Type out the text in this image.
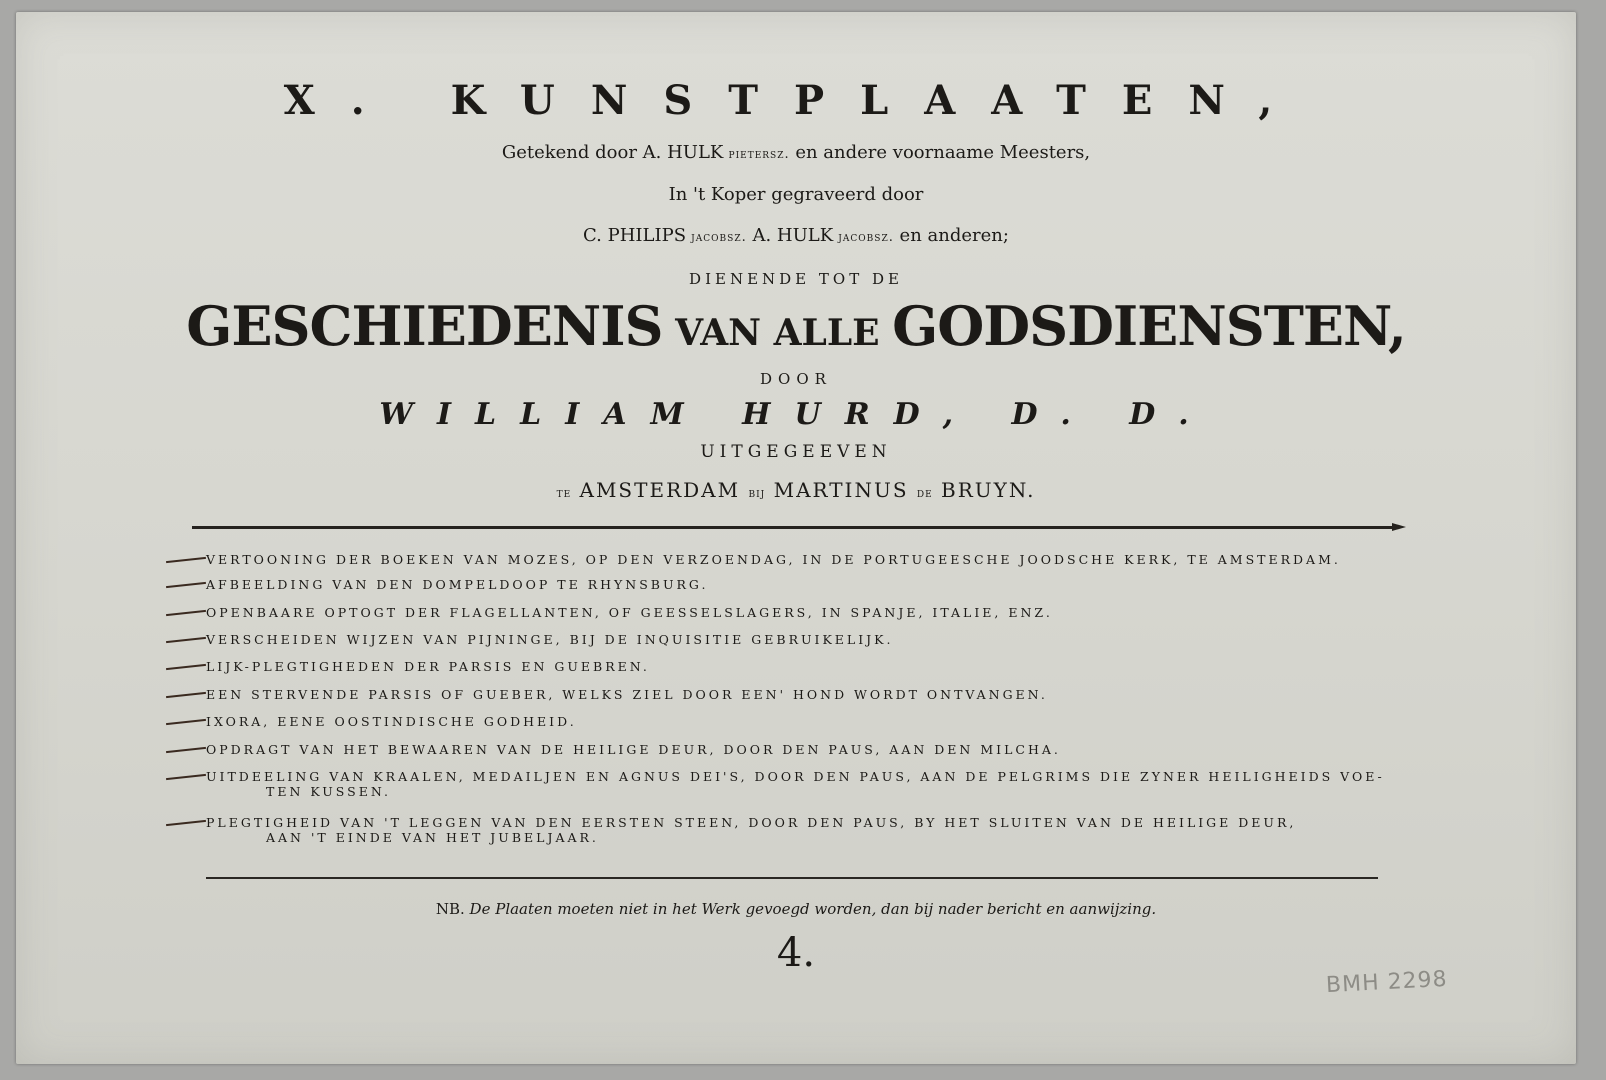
X. KUNSTPLAATEN,
Getekend door A. HULK pietersz. en andere voornaame Meesters,
In 't Koper gegraveerd door
C. PHILIPS jacobsz. A. HULK jacobsz. en anderen;
DIENENDE TOT DE
GESCHIEDENIS VAN ALLE GODSDIENSTEN,
DOOR
WILLIAM HURD, D. D.
UITGEGEEVEN
te AMSTERDAM bij MARTINUS de BRUYN.
VERTOONING DER BOEKEN VAN MOZES, OP DEN VERZOENDAG, IN DE PORTUGEESCHE JOODSCHE KERK, TE AMSTERDAM.
AFBEELDING VAN DEN DOMPELDOOP TE RHYNSBURG.
OPENBAARE OPTOGT DER FLAGELLANTEN, OF GEESSELSLAGERS, IN SPANJE, ITALIE, ENZ.
VERSCHEIDEN WIJZEN VAN PIJNINGE, BIJ DE INQUISITIE GEBRUIKELIJK.
LIJK-PLEGTIGHEDEN DER PARSIS EN GUEBREN.
EEN STERVENDE PARSIS OF GUEBER, WELKS ZIEL DOOR EEN' HOND WORDT ONTVANGEN.
IXORA, EENE OOSTINDISCHE GODHEID.
OPDRAGT VAN HET BEWAAREN VAN DE HEILIGE DEUR, DOOR DEN PAUS, AAN DEN MILCHA.
UITDEELING VAN KRAALEN, MEDAILJEN EN AGNUS DEI'S, DOOR DEN PAUS, AAN DE PELGRIMS DIE ZYNER HEILIGHEIDS VOE-
TEN KUSSEN.
PLEGTIGHEID VAN 'T LEGGEN VAN DEN EERSTEN STEEN, DOOR DEN PAUS, BY HET SLUITEN VAN DE HEILIGE DEUR,
AAN 'T EINDE VAN HET JUBELJAAR.
NB. De Plaaten moeten niet in het Werk gevoegd worden, dan bij nader bericht en aanwijzing.
4.
BMH 2298
